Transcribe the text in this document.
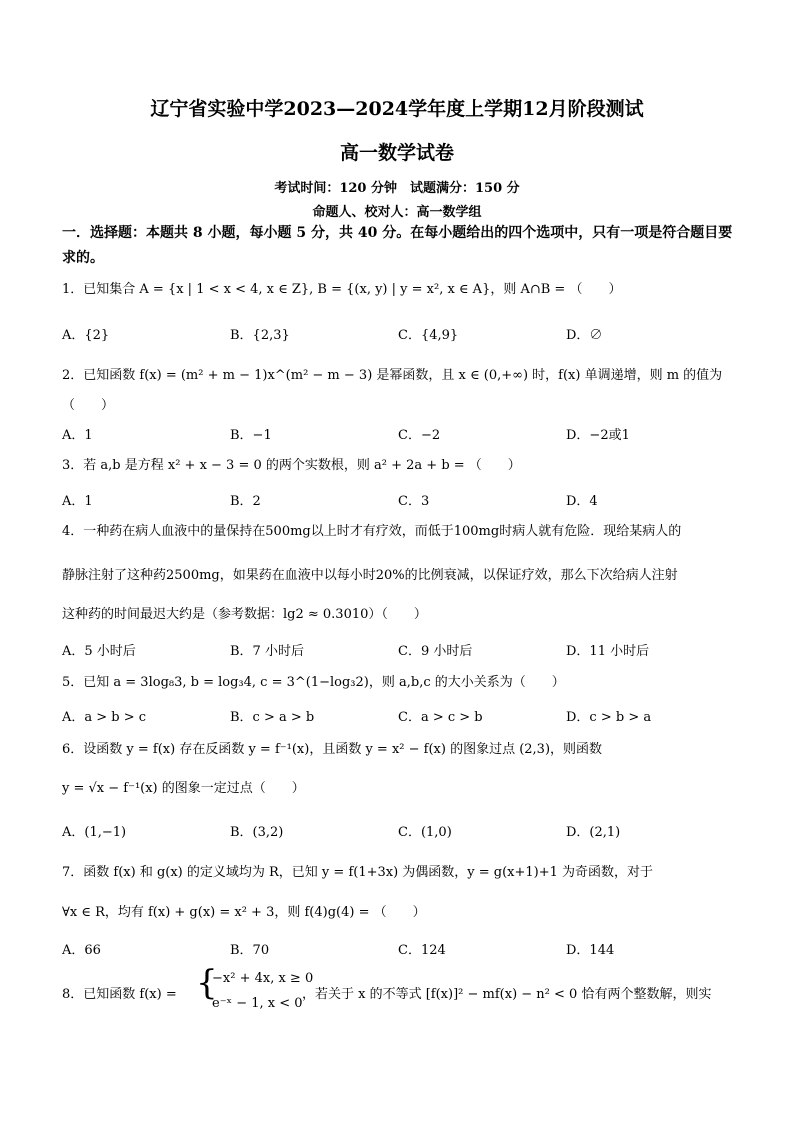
辽宁省实验中学2023—2024学年度上学期12月阶段测试
高一数学试卷
考试时间：120 分钟　试题满分：150 分
命题人、校对人：高一数学组
一．选择题：本题共 8 小题，每小题 5 分，共 40 分。在每小题给出的四个选项中，只有一项是符合题目要求的。
1．已知集合 A = {x | 1 < x < 4, x ∈ Z}, B = {(x, y) | y = x², x ∈ A}，则 A∩B = （　　）
A．{2}	B．{2,3}	C．{4,9}	D．∅
2．已知函数 f(x) = (m² + m − 1)x^(m² − m − 3) 是幂函数，且 x ∈ (0,+∞) 时，f(x) 单调递增，则 m 的值为
（　　）
A．1	B．−1	C．−2	D．−2或1
3．若 a,b 是方程 x² + x − 3 = 0 的两个实数根，则 a² + 2a + b = （　　）
A．1	B．2	C．3	D．4
4．一种药在病人血液中的量保持在500mg以上时才有疗效，而低于100mg时病人就有危险．现给某病人的
静脉注射了这种药2500mg，如果药在血液中以每小时20%的比例衰减，以保证疗效，那么下次给病人注射
这种药的时间最迟大约是（参考数据：lg2 ≈ 0.3010）（　　）
A．5 小时后	B．7 小时后	C．9 小时后	D．11 小时后
5．已知 a = 3log₈3, b = log₃4, c = 3^(1−log₃2)，则 a,b,c 的大小关系为（　　）
A．a > b > c	B．c > a > b	C．a > c > b	D．c > b > a
6．设函数 y = f(x) 存在反函数 y = f⁻¹(x)，且函数 y = x² − f(x) 的图象过点 (2,3)，则函数
y = √x − f⁻¹(x) 的图象一定过点（　　）
A．(1,−1)	B．(3,2)	C．(1,0)	D．(2,1)
7．函数 f(x) 和 g(x) 的定义域均为 R，已知 y = f(1+3x) 为偶函数，y = g(x+1)+1 为奇函数，对于
∀x ∈ R，均有 f(x) + g(x) = x² + 3，则 f(4)g(4) = （　　）
A．66	B．70	C．124	D．144
8．已知函数 f(x) = {
−x² + 4x, x ≥ 0
e⁻ˣ − 1, x < 0
，若关于 x 的不等式 [f(x)]² − mf(x) − n² < 0 恰有两个整数解，则实
